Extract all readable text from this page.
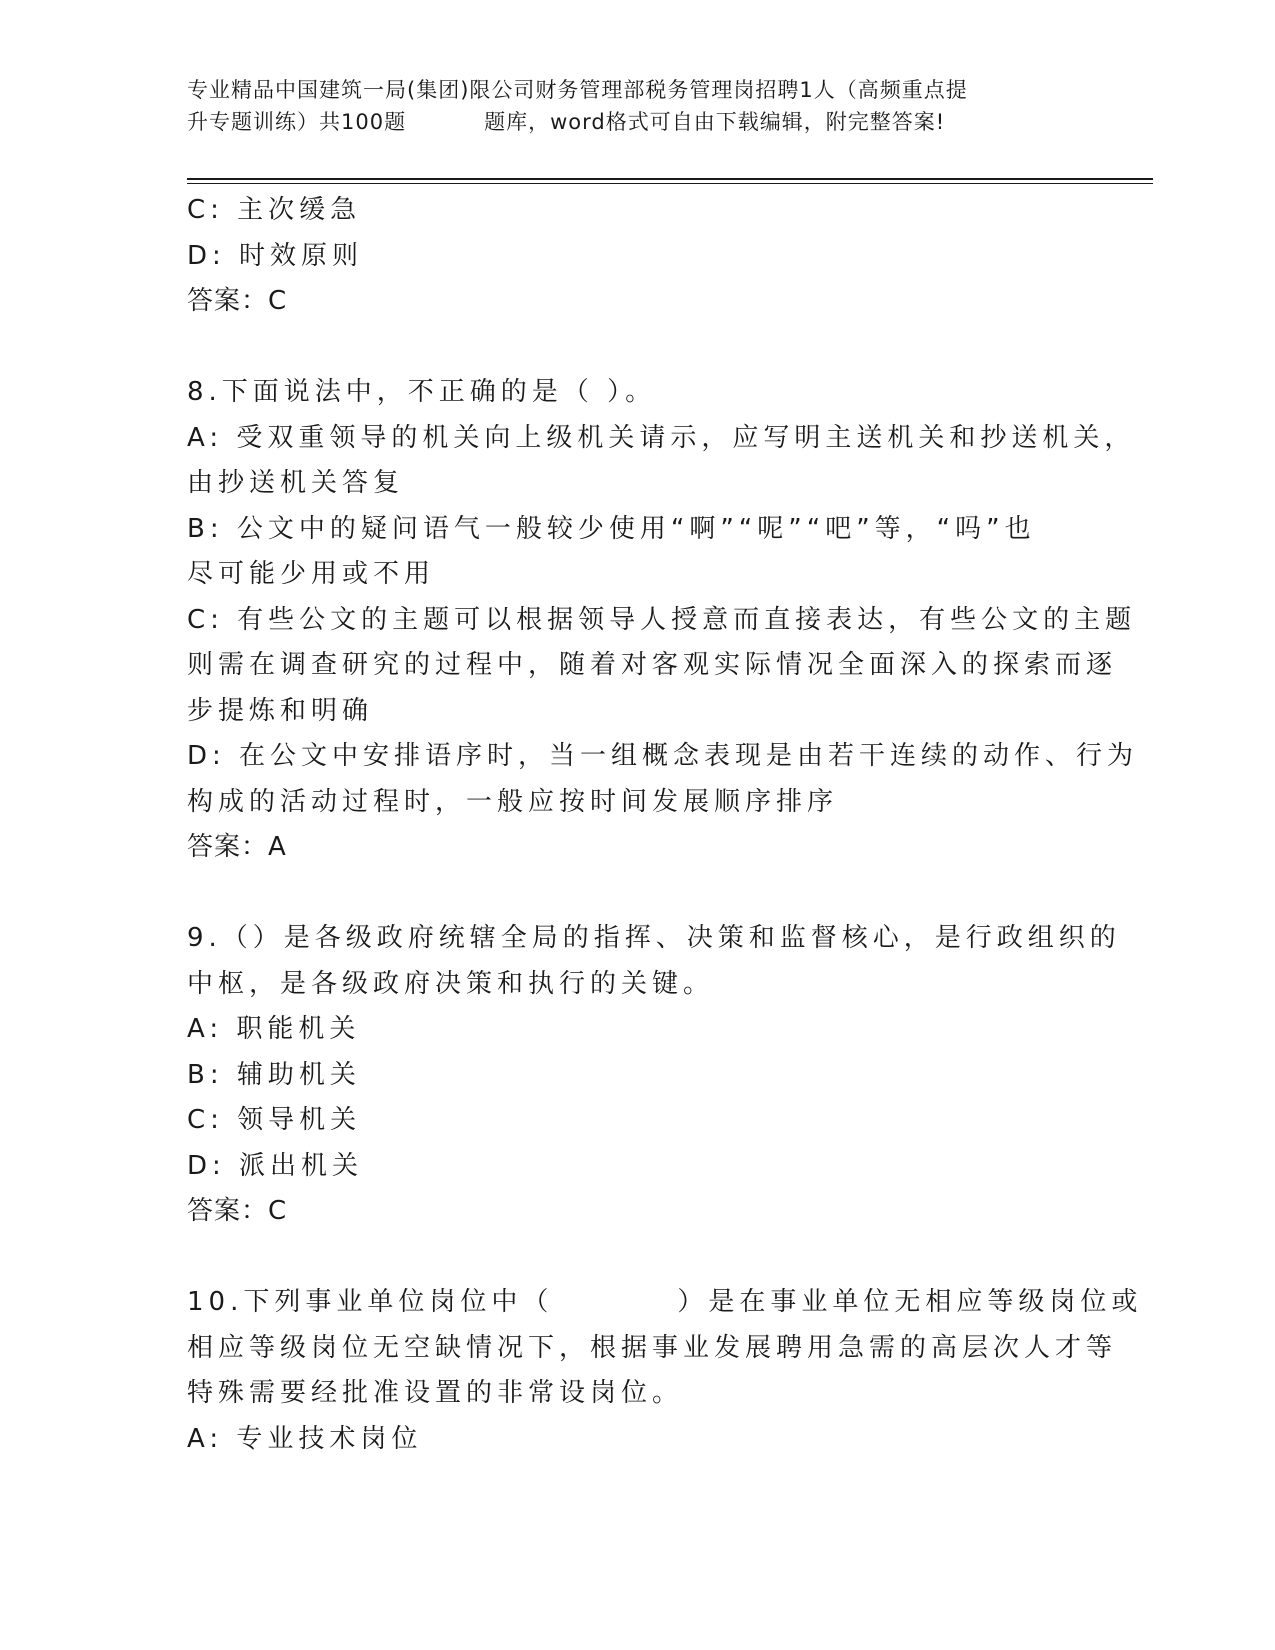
专业精品中国建筑一局(集团)限公司财务管理部税务管理岗招聘1人（高频重点提
升专题训练）共100题	题库，word格式可自由下载编辑，附完整答案!
C: 主次缓急
D: 时效原则
答案：C
8.下面说法中，不正确的是（ ）。
A: 受双重领导的机关向上级机关请示，应写明主送机关和抄送机关，
由抄送机关答复
B: 公文中的疑问语气一般较少使用“啊”“呢”“吧”等，“吗”也
尽可能少用或不用
C: 有些公文的主题可以根据领导人授意而直接表达，有些公文的主题
则需在调查研究的过程中，随着对客观实际情况全面深入的探索而逐
步提炼和明确
D: 在公文中安排语序时，当一组概念表现是由若干连续的动作、行为
构成的活动过程时，一般应按时间发展顺序排序
答案：A
9.（）是各级政府统辖全局的指挥、决策和监督核心，是行政组织的
中枢，是各级政府决策和执行的关键。
A: 职能机关
B: 辅助机关
C: 领导机关
D: 派出机关
答案：C
10.下列事业单位岗位中（　　　　）是在事业单位无相应等级岗位或
相应等级岗位无空缺情况下，根据事业发展聘用急需的高层次人才等
特殊需要经批准设置的非常设岗位。
A: 专业技术岗位
